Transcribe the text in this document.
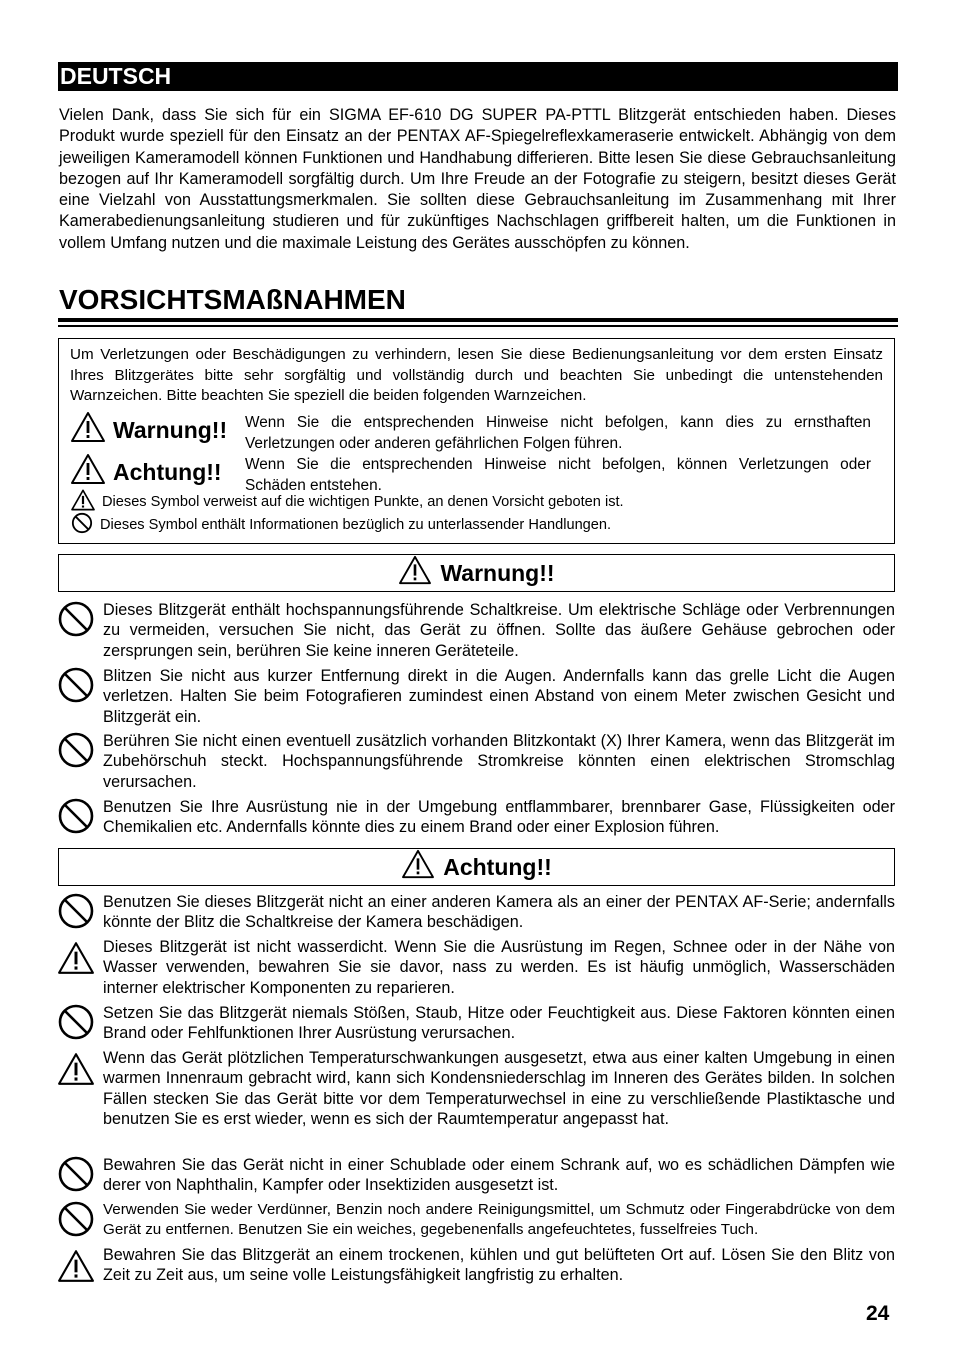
DEUTSCH
Vielen Dank, dass Sie sich für ein SIGMA EF-610 DG SUPER PA-PTTL Blitzgerät entschieden haben. Dieses Produkt wurde speziell für den Einsatz an der PENTAX AF-Spiegelreflexkameraserie entwickelt. Abhängig von dem jeweiligen Kameramodell können Funktionen und Handhabung differieren. Bitte lesen Sie diese Gebrauchsanleitung bezogen auf Ihr Kameramodell sorgfältig durch. Um Ihre Freude an der Fotografie zu steigern, besitzt dieses Gerät eine Vielzahl von Ausstattungsmerkmalen. Sie sollten diese Gebrauchsanleitung im Zusammenhang mit Ihrer Kamerabedienungsanleitung studieren und für zukünftiges Nachschlagen griffbereit halten, um die Funktionen in vollem Umfang nutzen und die maximale Leistung des Gerätes ausschöpfen zu können.
VORSICHTSMAßNAHMEN
Um Verletzungen oder Beschädigungen zu verhindern, lesen Sie diese Bedienungsanleitung vor dem ersten Einsatz Ihres Blitzgerätes bitte sehr sorgfältig und vollständig durch und beachten Sie unbedingt die untenstehenden Warnzeichen. Bitte beachten Sie speziell die beiden folgenden Warnzeichen.
Warnung!! Wenn Sie die entsprechenden Hinweise nicht befolgen, kann dies zu ernsthaften Verletzungen oder anderen gefährlichen Folgen führen.
Achtung!! Wenn Sie die entsprechenden Hinweise nicht befolgen, können Verletzungen oder Schäden entstehen.
Dieses Symbol verweist auf die wichtigen Punkte, an denen Vorsicht geboten ist.
Dieses Symbol enthält Informationen bezüglich zu unterlassender Handlungen.
Warnung!!
Dieses Blitzgerät enthält hochspannungsführende Schaltkreise. Um elektrische Schläge oder Verbrennungen zu vermeiden, versuchen Sie nicht, das Gerät zu öffnen. Sollte das äußere Gehäuse gebrochen oder zersprungen sein, berühren Sie keine inneren Geräteteile.
Blitzen Sie nicht aus kurzer Entfernung direkt in die Augen. Andernfalls kann das grelle Licht die Augen verletzen. Halten Sie beim Fotografieren zumindest einen Abstand von einem Meter zwischen Gesicht und Blitzgerät ein.
Berühren Sie nicht einen eventuell zusätzlich vorhanden Blitzkontakt (X) Ihrer Kamera, wenn das Blitzgerät im Zubehörschuh steckt. Hochspannungsführende Stromkreise könnten einen elektrischen Stromschlag verursachen.
Benutzen Sie Ihre Ausrüstung nie in der Umgebung entflammbarer, brennbarer Gase, Flüssigkeiten oder Chemikalien etc. Andernfalls könnte dies zu einem Brand oder einer Explosion führen.
Achtung!!
Benutzen Sie dieses Blitzgerät nicht an einer anderen Kamera als an einer der PENTAX AF-Serie; andernfalls könnte der Blitz die Schaltkreise der Kamera beschädigen.
Dieses Blitzgerät ist nicht wasserdicht. Wenn Sie die Ausrüstung im Regen, Schnee oder in der Nähe von Wasser verwenden, bewahren Sie sie davor, nass zu werden. Es ist häufig unmöglich, Wasserschäden interner elektrischer Komponenten zu reparieren.
Setzen Sie das Blitzgerät niemals Stößen, Staub, Hitze oder Feuchtigkeit aus. Diese Faktoren könnten einen Brand oder Fehlfunktionen Ihrer Ausrüstung verursachen.
Wenn das Gerät plötzlichen Temperaturschwankungen ausgesetzt, etwa aus einer kalten Umgebung in einen warmen Innenraum gebracht wird, kann sich Kondensniederschlag im Inneren des Gerätes bilden. In solchen Fällen stecken Sie das Gerät bitte vor dem Temperaturwechsel in eine zu verschließende Plastiktasche und benutzen Sie es erst wieder, wenn es sich der Raumtemperatur angepasst hat.
Bewahren Sie das Gerät nicht in einer Schublade oder einem Schrank auf, wo es schädlichen Dämpfen wie derer von Naphthalin, Kampfer oder Insektiziden ausgesetzt ist.
Verwenden Sie weder Verdünner, Benzin noch andere Reinigungsmittel, um Schmutz oder Fingerabdrücke von dem Gerät zu entfernen. Benutzen Sie ein weiches, gegebenenfalls angefeuchtetes, fusselfreies Tuch.
Bewahren Sie das Blitzgerät an einem trockenen, kühlen und gut belüfteten Ort auf. Lösen Sie den Blitz von Zeit zu Zeit aus, um seine volle Leistungsfähigkeit langfristig zu erhalten.
24
